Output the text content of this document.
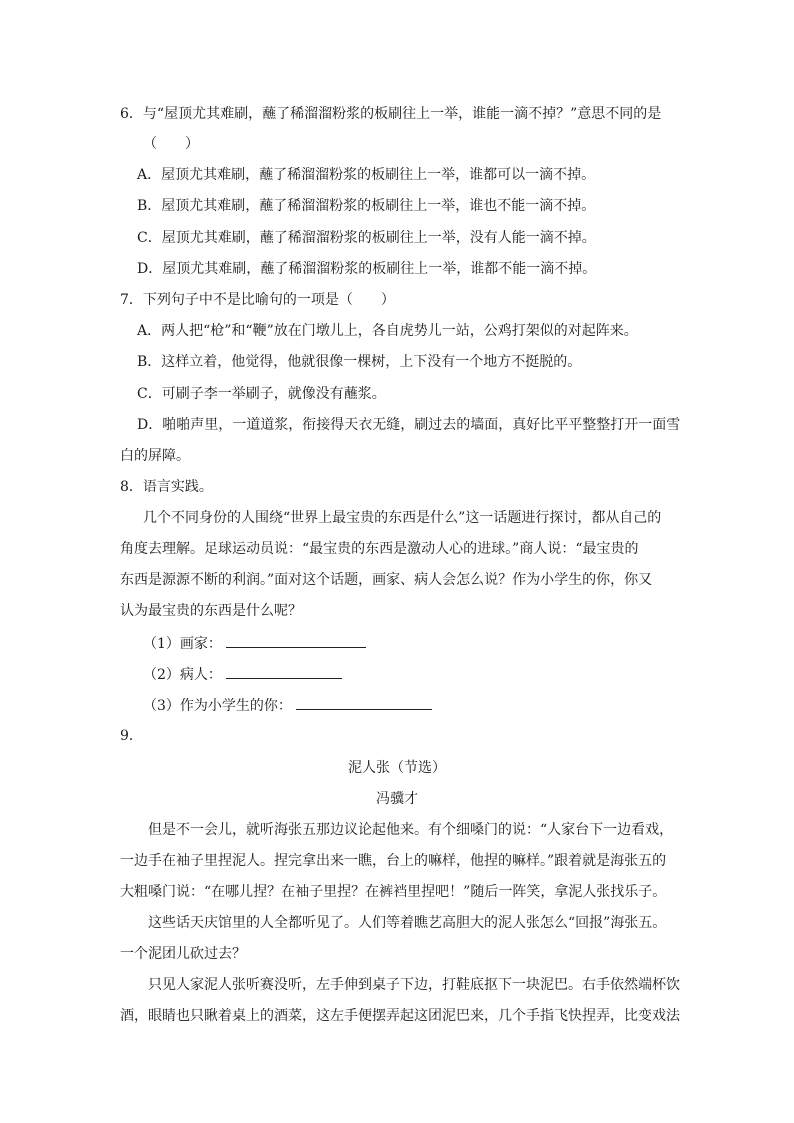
6．与“屋顶尤其难刷，蘸了稀溜溜粉浆的板刷往上一举，谁能一滴不掉？”意思不同的是
（　　）
A．屋顶尤其难刷，蘸了稀溜溜粉浆的板刷往上一举，谁都可以一滴不掉。
B．屋顶尤其难刷，蘸了稀溜溜粉浆的板刷往上一举，谁也不能一滴不掉。
C．屋顶尤其难刷，蘸了稀溜溜粉浆的板刷往上一举，没有人能一滴不掉。
D．屋顶尤其难刷，蘸了稀溜溜粉浆的板刷往上一举，谁都不能一滴不掉。
7．下列句子中不是比喻句的一项是（　　）
A．两人把“枪”和“鞭”放在门墩儿上，各自虎势儿一站，公鸡打架似的对起阵来。
B．这样立着，他觉得，他就很像一棵树，上下没有一个地方不挺脱的。
C．可刷子李一举刷子，就像没有蘸浆。
D．啪啪声里，一道道浆，衔接得天衣无缝，刷过去的墙面，真好比平平整整打开一面雪
白的屏障。
8．语言实践。
几个不同身份的人围绕“世界上最宝贵的东西是什么”这一话题进行探讨，都从自己的
角度去理解。足球运动员说：“最宝贵的东西是激动人心的进球。”商人说：“最宝贵的
东西是源源不断的利润。”面对这个话题，画家、病人会怎么说？作为小学生的你，你又
认为最宝贵的东西是什么呢？
（1）画家：
（2）病人：
（3）作为小学生的你：
9．
泥人张（节选）
冯骥才
但是不一会儿，就听海张五那边议论起他来。有个细嗓门的说：“人家台下一边看戏，
一边手在袖子里捏泥人。捏完拿出来一瞧，台上的嘛样，他捏的嘛样。”跟着就是海张五的
大粗嗓门说：“在哪儿捏？在袖子里捏？在裤裆里捏吧！”随后一阵笑，拿泥人张找乐子。
这些话天庆馆里的人全都听见了。人们等着瞧艺高胆大的泥人张怎么“回报”海张五。
一个泥团儿砍过去？
只见人家泥人张听赛没听，左手伸到桌子下边，打鞋底抠下一块泥巴。右手依然端杯饮
酒，眼睛也只瞅着桌上的酒菜，这左手便摆弄起这团泥巴来，几个手指飞快捏弄，比变戏法
